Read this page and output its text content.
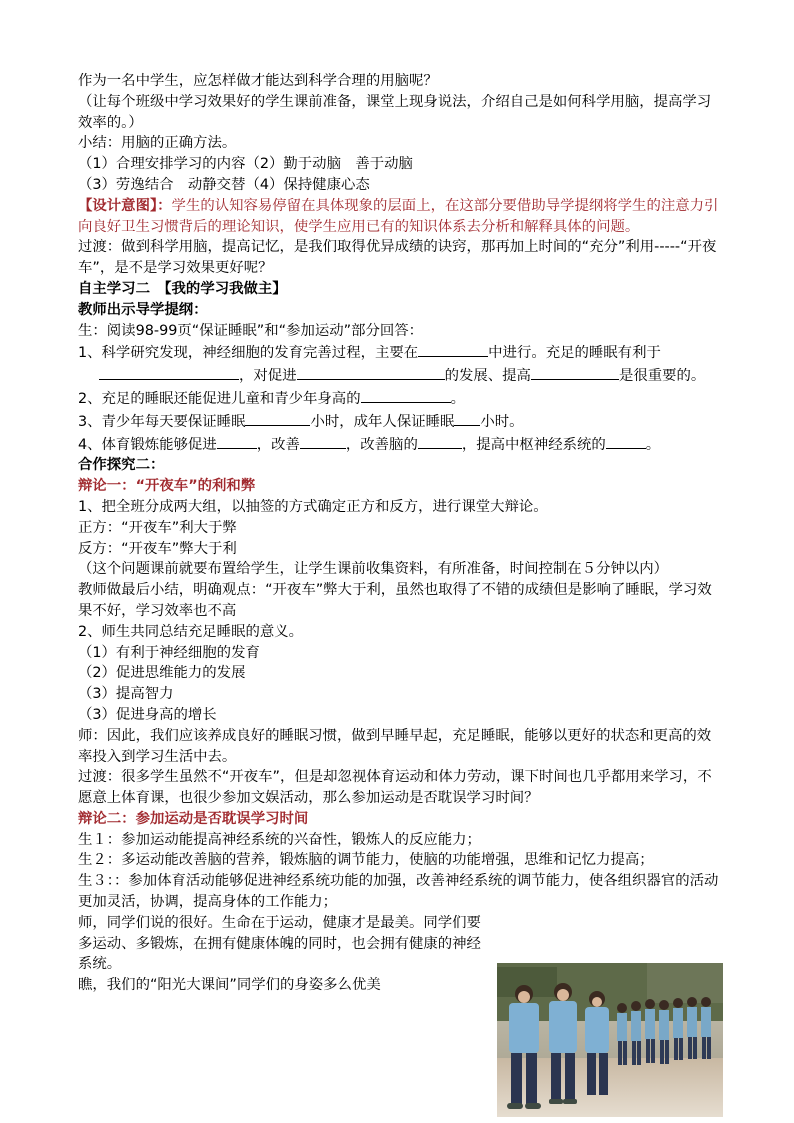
作为一名中学生，应怎样做才能达到科学合理的用脑呢？
（让每个班级中学习效果好的学生课前准备，课堂上现身说法，介绍自己是如何科学用脑，提高学习效率的。）
小结：用脑的正确方法。
（1）合理安排学习的内容（2）勤于动脑　善于动脑
（3）劳逸结合　动静交替（4）保持健康心态
【设计意图】：学生的认知容易停留在具体现象的层面上，在这部分要借助导学提纲将学生的注意力引向良好卫生习惯背后的理论知识，使学生应用已有的知识体系去分析和解释具体的问题。
过渡：做到科学用脑，提高记忆，是我们取得优异成绩的诀窍，那再加上时间的“充分”利用-----“开夜车”，是不是学习效果更好呢？
自主学习二　【我的学习我做主】
教师出示导学提纲：
生：阅读98-99页“保证睡眠”和“参加运动”部分回答：
1、科学研究发现，神经细胞的发育完善过程，主要在	中进行。充足的睡眠有利于
，对促进	的发展、提高	是很重要的。
2、充足的睡眠还能促进儿童和青少年身高的	。
3、青少年每天要保证睡眠	小时，成年人保证睡眠 小时。
4、体育锻炼能够促进	，改善	，改善脑的	，提高中枢神经系统的	。
合作探究二：
辩论一：“开夜车”的利和弊
1、把全班分成两大组，以抽签的方式确定正方和反方，进行课堂大辩论。
正方：“开夜车”利大于弊
反方：“开夜车”弊大于利
（这个问题课前就要布置给学生，让学生课前收集资料，有所准备，时间控制在５分钟以内）
教师做最后小结，明确观点：“开夜车”弊大于利，虽然也取得了不错的成绩但是影响了睡眠，学习效果不好，学习效率也不高
2、师生共同总结充足睡眠的意义。
（1）有利于神经细胞的发育
（2）促进思维能力的发展
（3）提高智力
（3）促进身高的增长
师：因此，我们应该养成良好的睡眠习惯，做到早睡早起，充足睡眠，能够以更好的状态和更高的效率投入到学习生活中去。
过渡：很多学生虽然不“开夜车”，但是却忽视体育运动和体力劳动，课下时间也几乎都用来学习，不愿意上体育课，也很少参加文娱活动，那么参加运动是否耽误学习时间？
辩论二：参加运动是否耽误学习时间
生１：参加运动能提高神经系统的兴奋性，锻炼人的反应能力；
生２：多运动能改善脑的营养，锻炼脑的调节能力，使脑的功能增强，思维和记忆力提高；
生３：：参加体育活动能够促进神经系统功能的加强，改善神经系统的调节能力，使各组织器官的活动更加灵活，协调，提高身体的工作能力；
师，同学们说的很好。生命在于运动，健康才是最美。同学们要多运动、多锻炼，在拥有健康体魄的同时，也会拥有健康的神经系统。
瞧，我们的“阳光大课间”同学们的身姿多么优美
